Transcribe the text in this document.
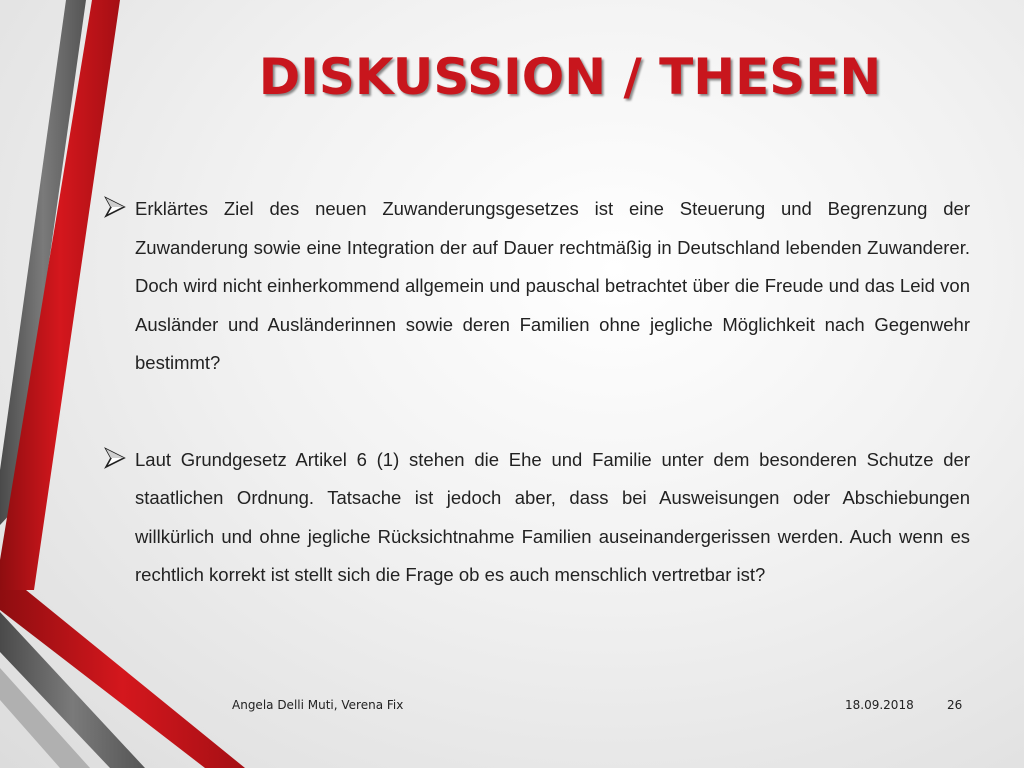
DISKUSSION / THESEN

Erklärtes Ziel des neuen Zuwanderungsgesetzes ist eine Steuerung und Begrenzung der Zuwanderung sowie eine Integration der auf Dauer rechtmäßig in Deutschland lebenden Zuwanderer. Doch wird nicht einherkommend allgemein und pauschal betrachtet über die Freude und das Leid von Ausländer und Ausländerinnen sowie deren Familien ohne jegliche Möglichkeit nach Gegenwehr bestimmt?

Laut Grundgesetz Artikel 6 (1) stehen die Ehe und Familie unter dem besonderen Schutze der staatlichen Ordnung. Tatsache ist jedoch aber, dass bei Ausweisungen oder Abschiebungen willkürlich und ohne jegliche Rücksichtnahme Familien auseinandergerissen werden. Auch wenn es rechtlich korrekt ist stellt sich die Frage ob es auch menschlich vertretbar ist?

Angela Delli Muti, Verena Fix	18.09.2018	26
